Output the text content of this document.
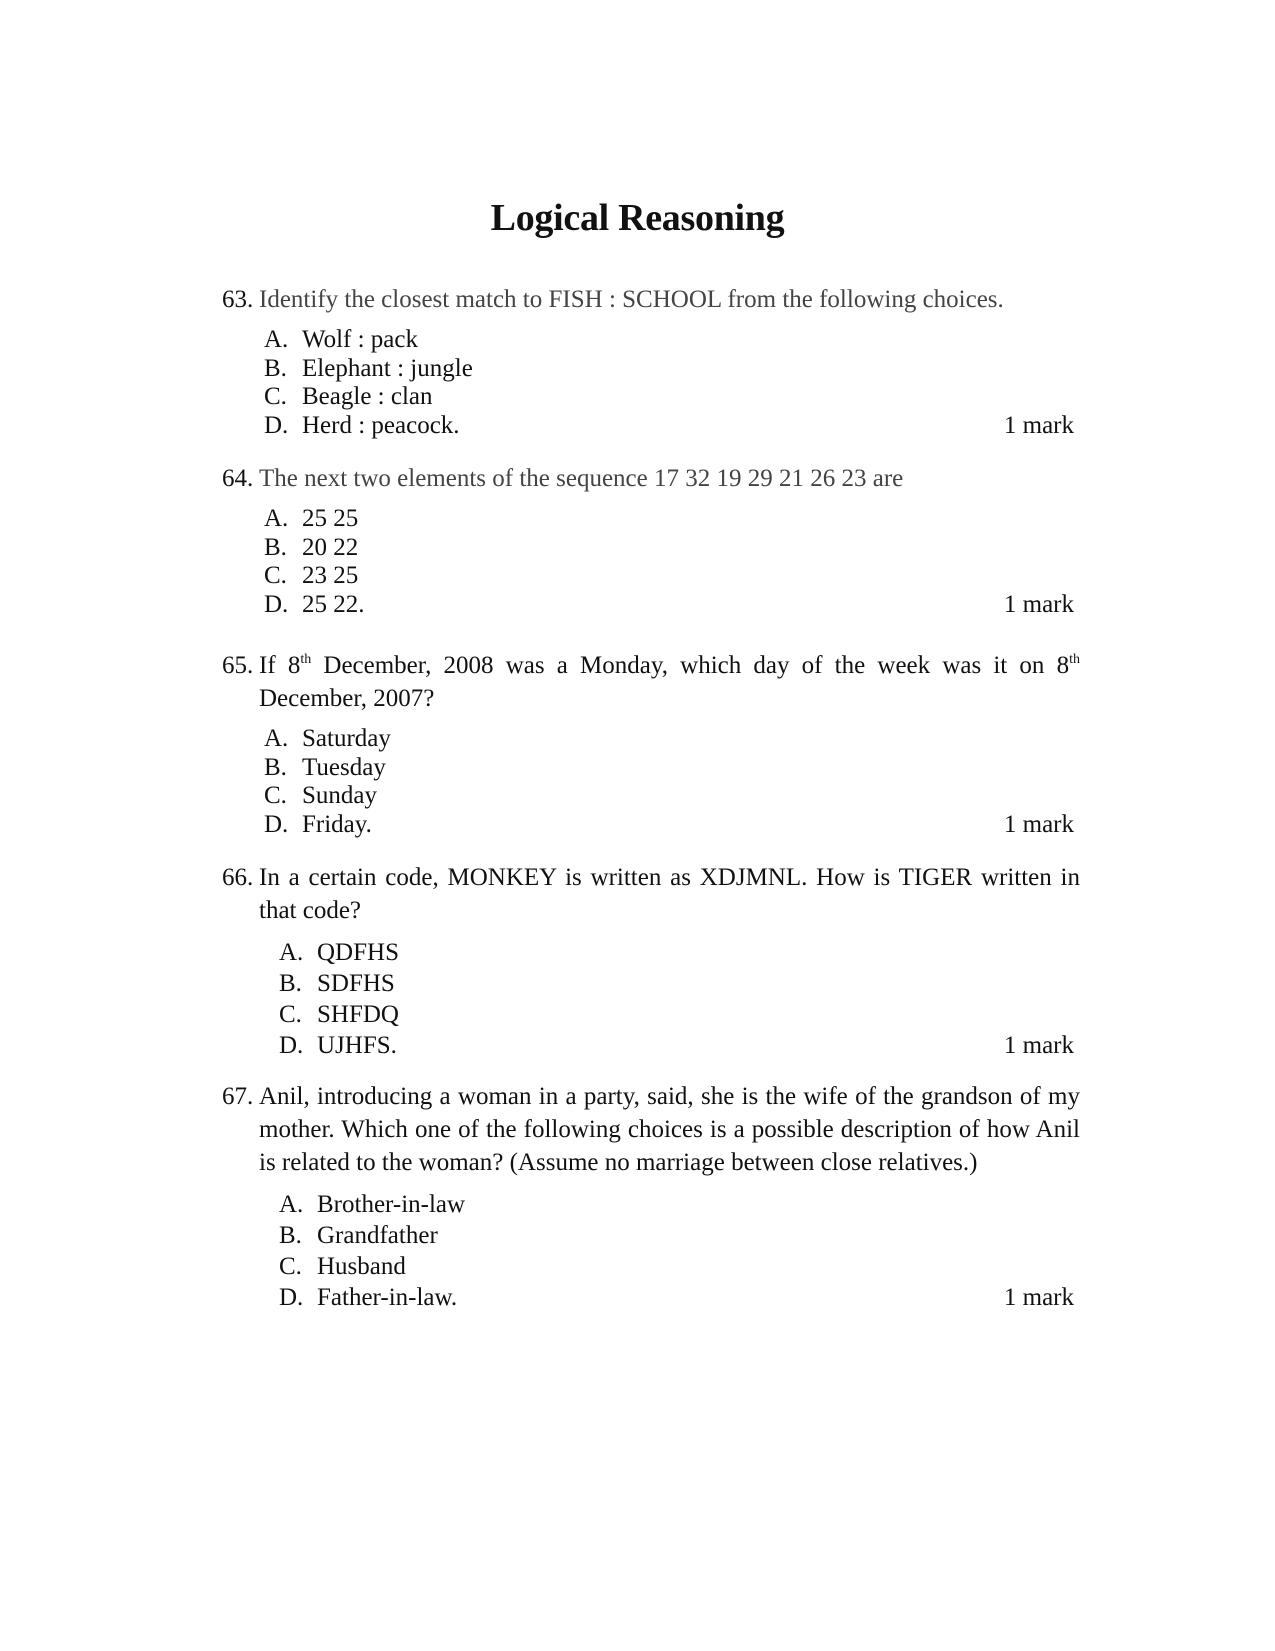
Logical Reasoning
63. Identify the closest match to FISH : SCHOOL from the following choices.
A. Wolf : pack
B. Elephant : jungle
C. Beagle : clan
D. Herd : peacock.	1 mark
64. The next two elements of the sequence 17 32 19 29 21 26 23 are
A. 25 25
B. 20 22
C. 23 25
D. 25 22.	1 mark
65. If 8th December, 2008 was a Monday, which day of the week was it on 8th December, 2007?
A. Saturday
B. Tuesday
C. Sunday
D. Friday.	1 mark
66. In a certain code, MONKEY is written as XDJMNL. How is TIGER written in that code?
A. QDFHS
B. SDFHS
C. SHFDQ
D. UJHFS.	1 mark
67. Anil, introducing a woman in a party, said, she is the wife of the grandson of my mother. Which one of the following choices is a possible description of how Anil is related to the woman? (Assume no marriage between close relatives.)
A. Brother-in-law
B. Grandfather
C. Husband
D. Father-in-law.	1 mark
